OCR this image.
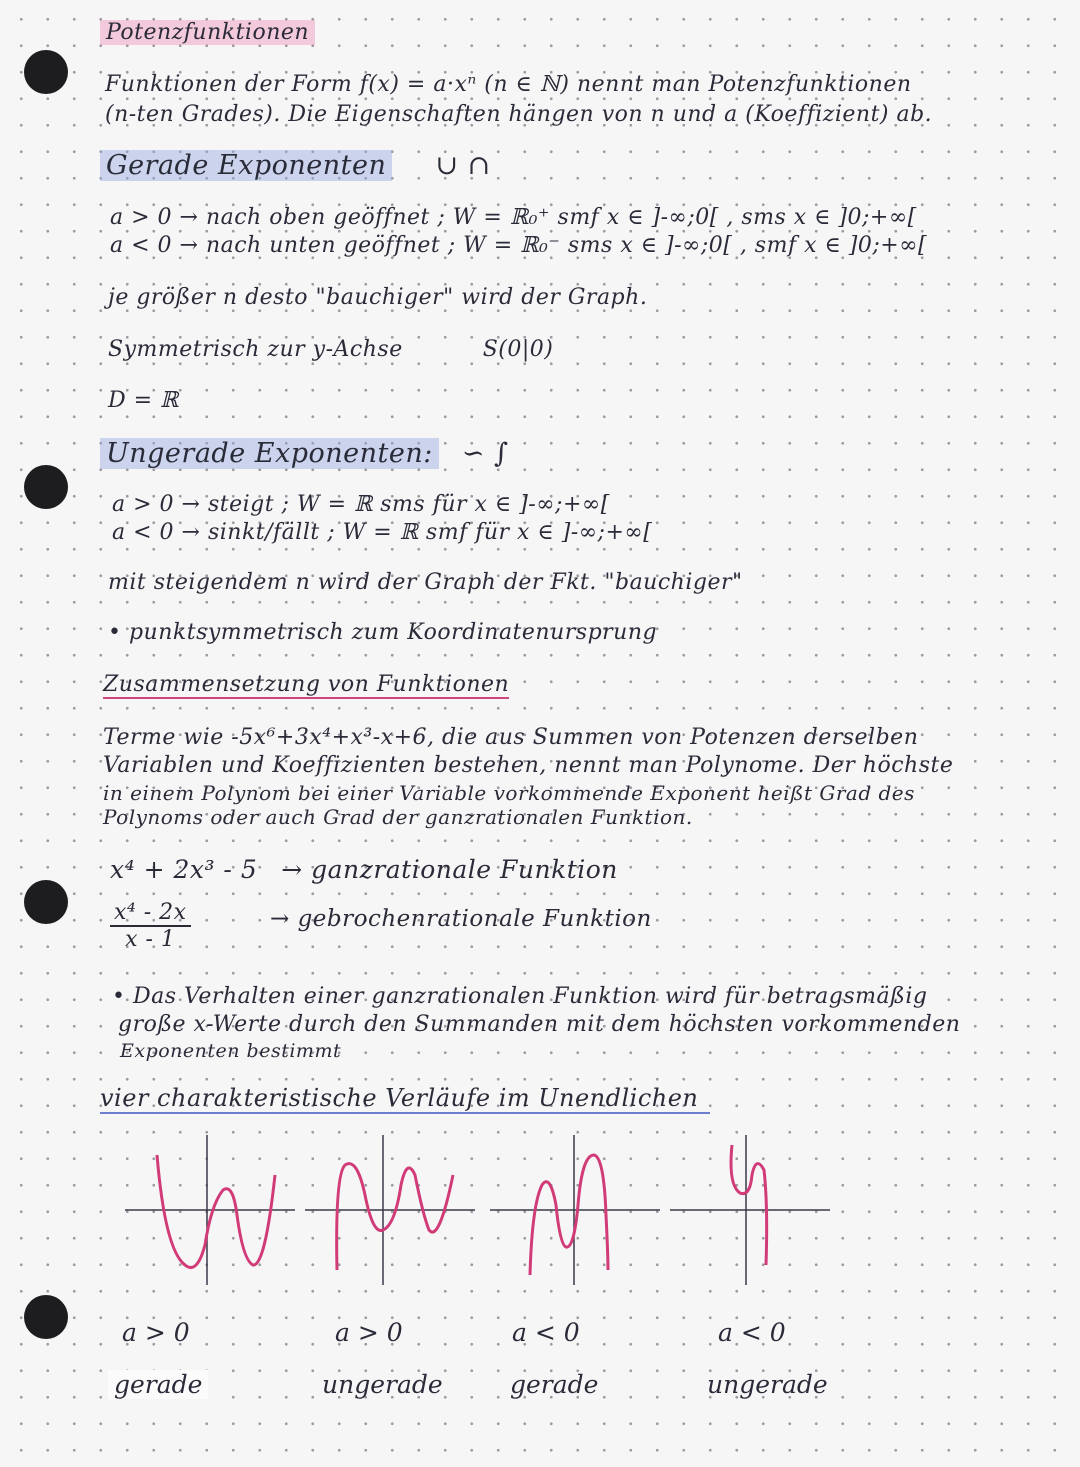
Potenzfunktionen
Funktionen der Form f(x) = a·xⁿ (n ∈ ℕ) nennt man Potenzfunktionen
(n-ten Grades). Die Eigenschaften hängen von n und a (Koeffizient) ab.
Gerade Exponenten ∪ ∩
a > 0 → nach oben geöffnet ; W = ℝ₀⁺ smf x ∈ ]-∞;0[ , sms x ∈ ]0;+∞[
a < 0 → nach unten geöffnet ; W = ℝ₀⁻ sms x ∈ ]-∞;0[ , smf x ∈ ]0;+∞[
je größer n desto "bauchiger" wird der Graph.
Symmetrisch zur y-Achse	S(0|0)
D = ℝ
Ungerade Exponenten: ∽ ∫
a > 0 → steigt ; W = ℝ sms für x ∈ ]-∞;+∞[
a < 0 → sinkt/fällt ; W = ℝ smf für x ∈ ]-∞;+∞[
mit steigendem n wird der Graph der Fkt. "bauchiger"
• punktsymmetrisch zum Koordinatenursprung
Zusammensetzung von Funktionen
Terme wie -5x⁶+3x⁴+x³-x+6, die aus Summen von Potenzen derselben
Variablen und Koeffizienten bestehen, nennt man Polynome. Der höchste
in einem Polynom bei einer Variable vorkommende Exponent heißt Grad des
Polynoms oder auch Grad der ganzrationalen Funktion.
x⁴ + 2x³ - 5 → ganzrationale Funktion
$\frac{\text{x⁴ - 2x}}{x - 1}$	→ gebrochenrationale Funktion
• Das Verhalten einer ganzrationalen Funktion wird für betragsmäßig
große x-Werte durch den Summanden mit dem höchsten vorkommenden
Exponenten bestimmt
vier charakteristische Verläufe im Unendlichen
a > 0	a > 0	a < 0	a < 0
gerade	ungerade	gerade	ungerade
